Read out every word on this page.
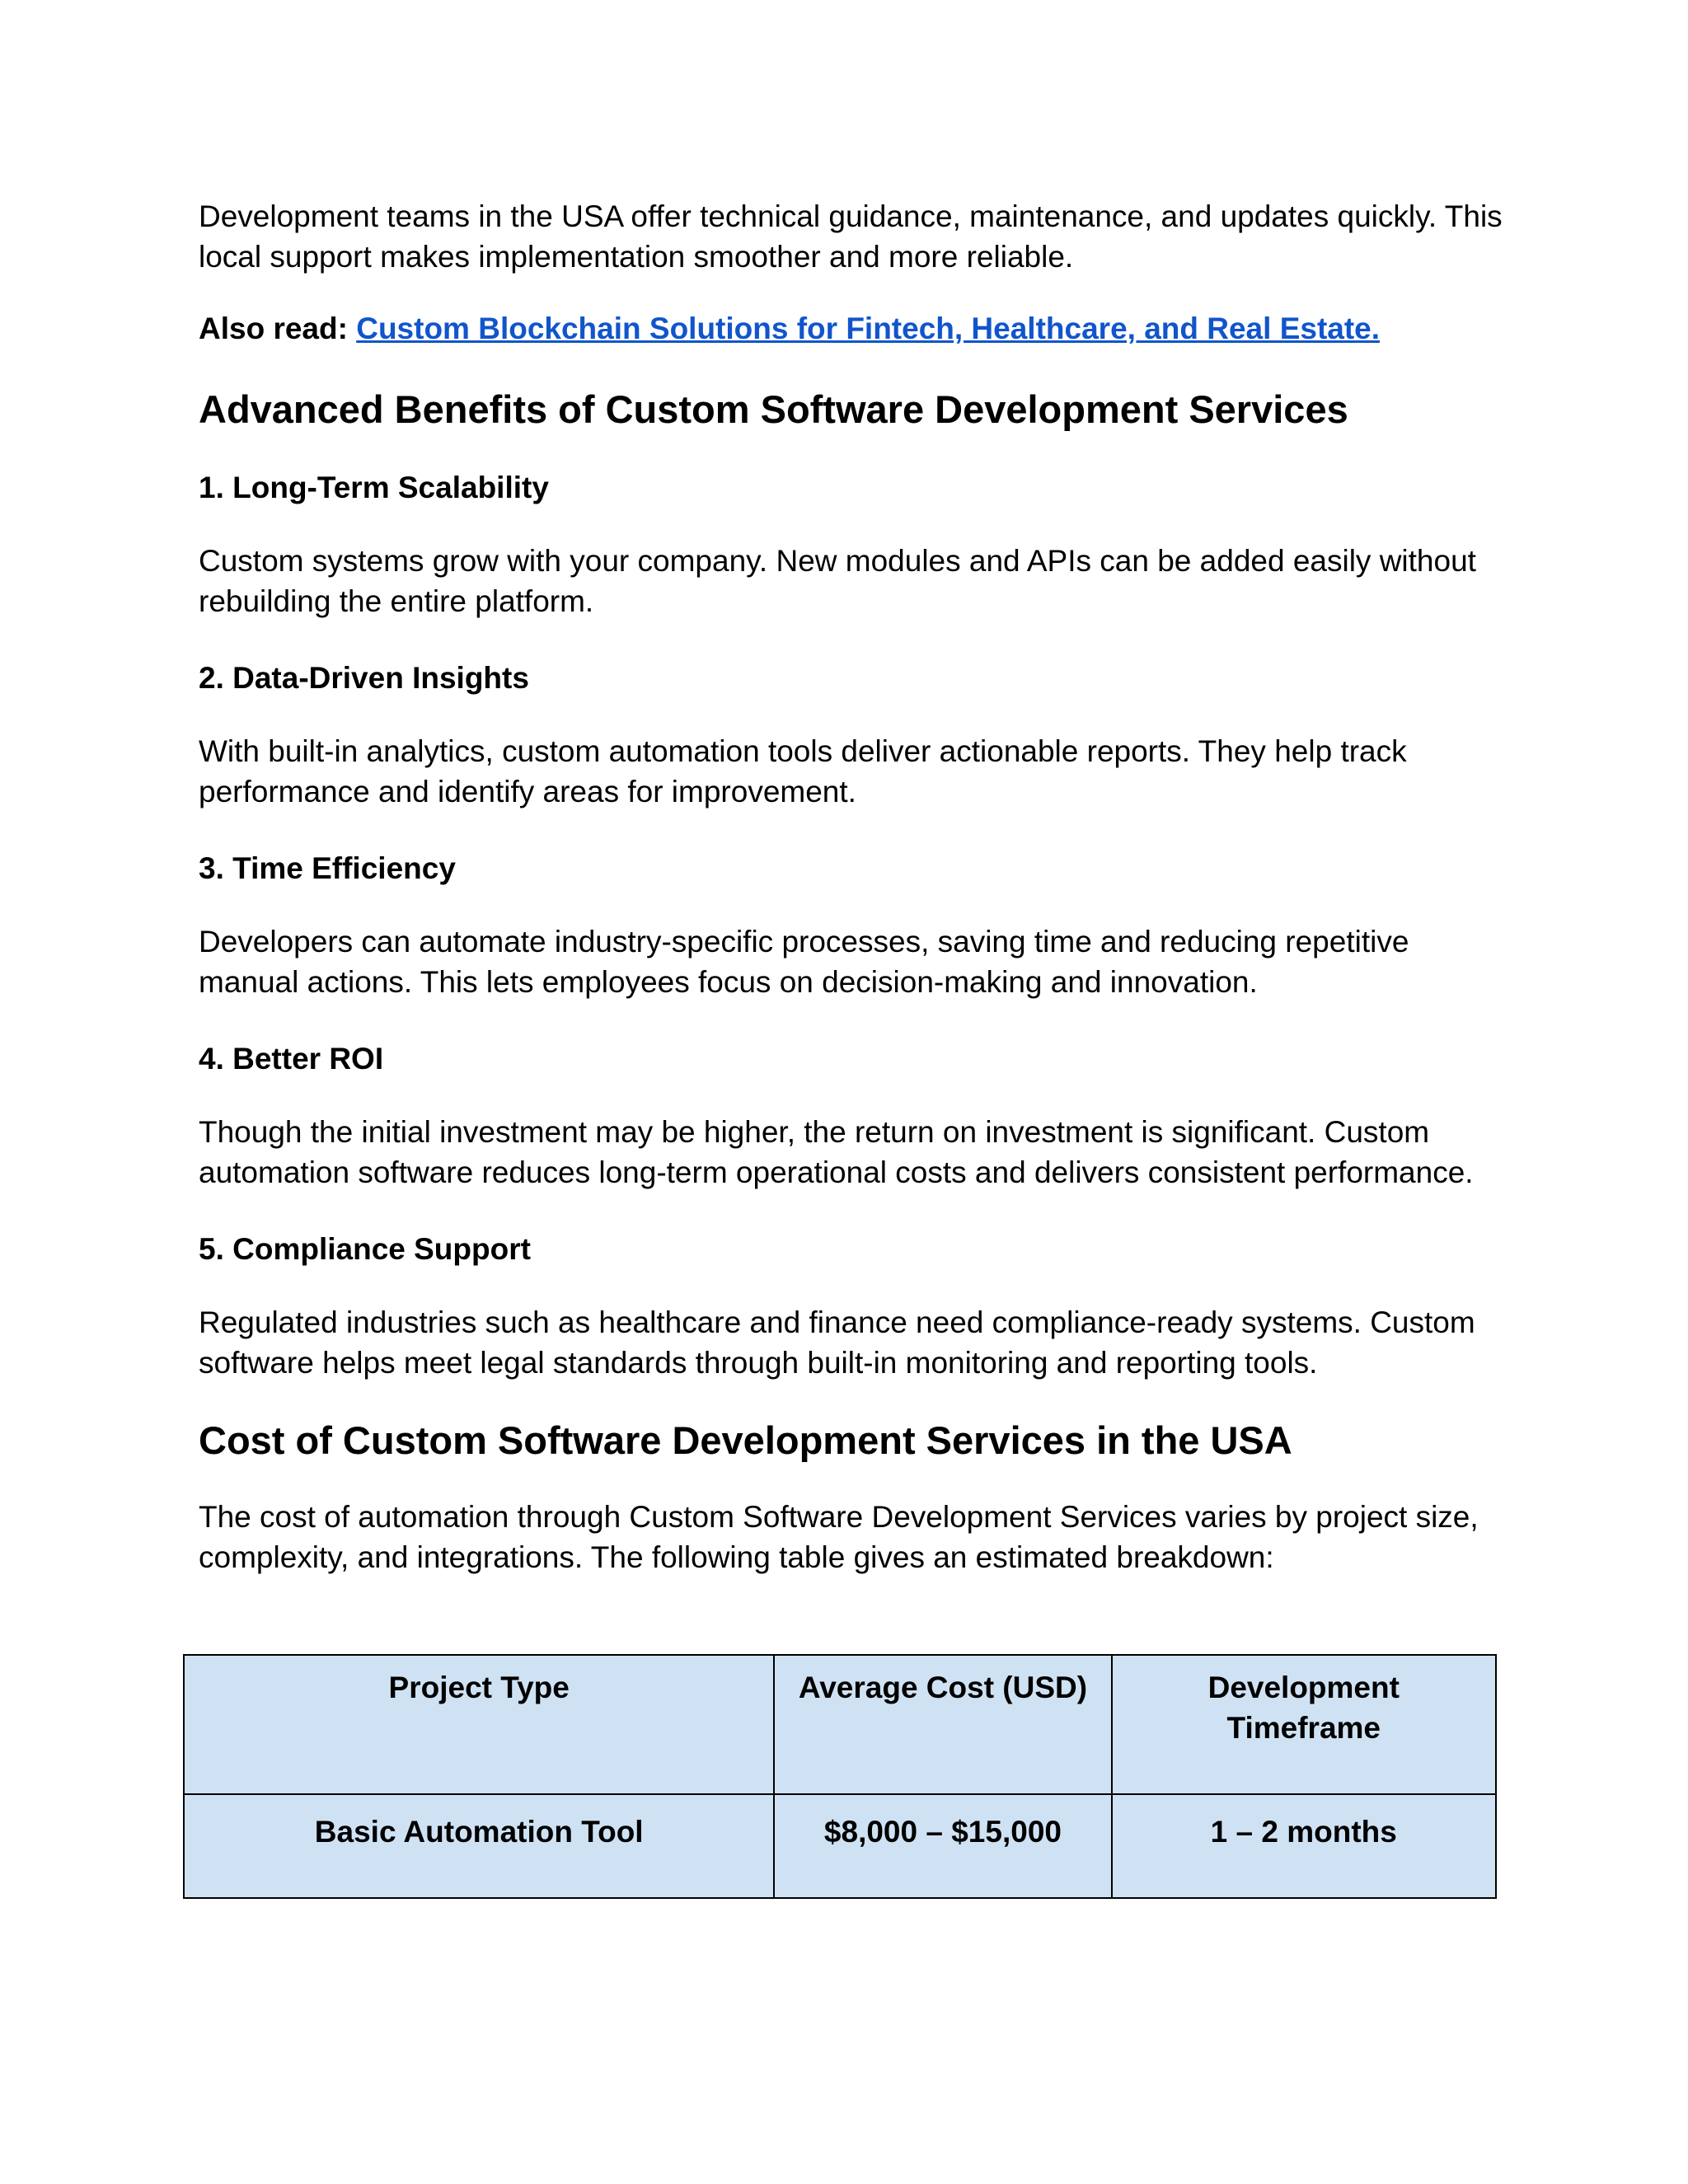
Development teams in the USA offer technical guidance, maintenance, and updates quickly. This local support makes implementation smoother and more reliable.

Also read: Custom Blockchain Solutions for Fintech, Healthcare, and Real Estate.

Advanced Benefits of Custom Software Development Services
1. Long-Term Scalability

Custom systems grow with your company. New modules and APIs can be added easily without rebuilding the entire platform.

2. Data-Driven Insights

With built-in analytics, custom automation tools deliver actionable reports. They help track performance and identify areas for improvement.

3. Time Efficiency

Developers can automate industry-specific processes, saving time and reducing repetitive manual actions. This lets employees focus on decision-making and innovation.

4. Better ROI

Though the initial investment may be higher, the return on investment is significant. Custom automation software reduces long-term operational costs and delivers consistent performance.

5. Compliance Support

Regulated industries such as healthcare and finance need compliance-ready systems. Custom software helps meet legal standards through built-in monitoring and reporting tools.

Cost of Custom Software Development Services in the USA

The cost of automation through Custom Software Development Services varies by project size, complexity, and integrations. The following table gives an estimated breakdown:

Project Type	Average Cost (USD)	Development Timeframe
Basic Automation Tool	$8,000 – $15,000	1 – 2 months
